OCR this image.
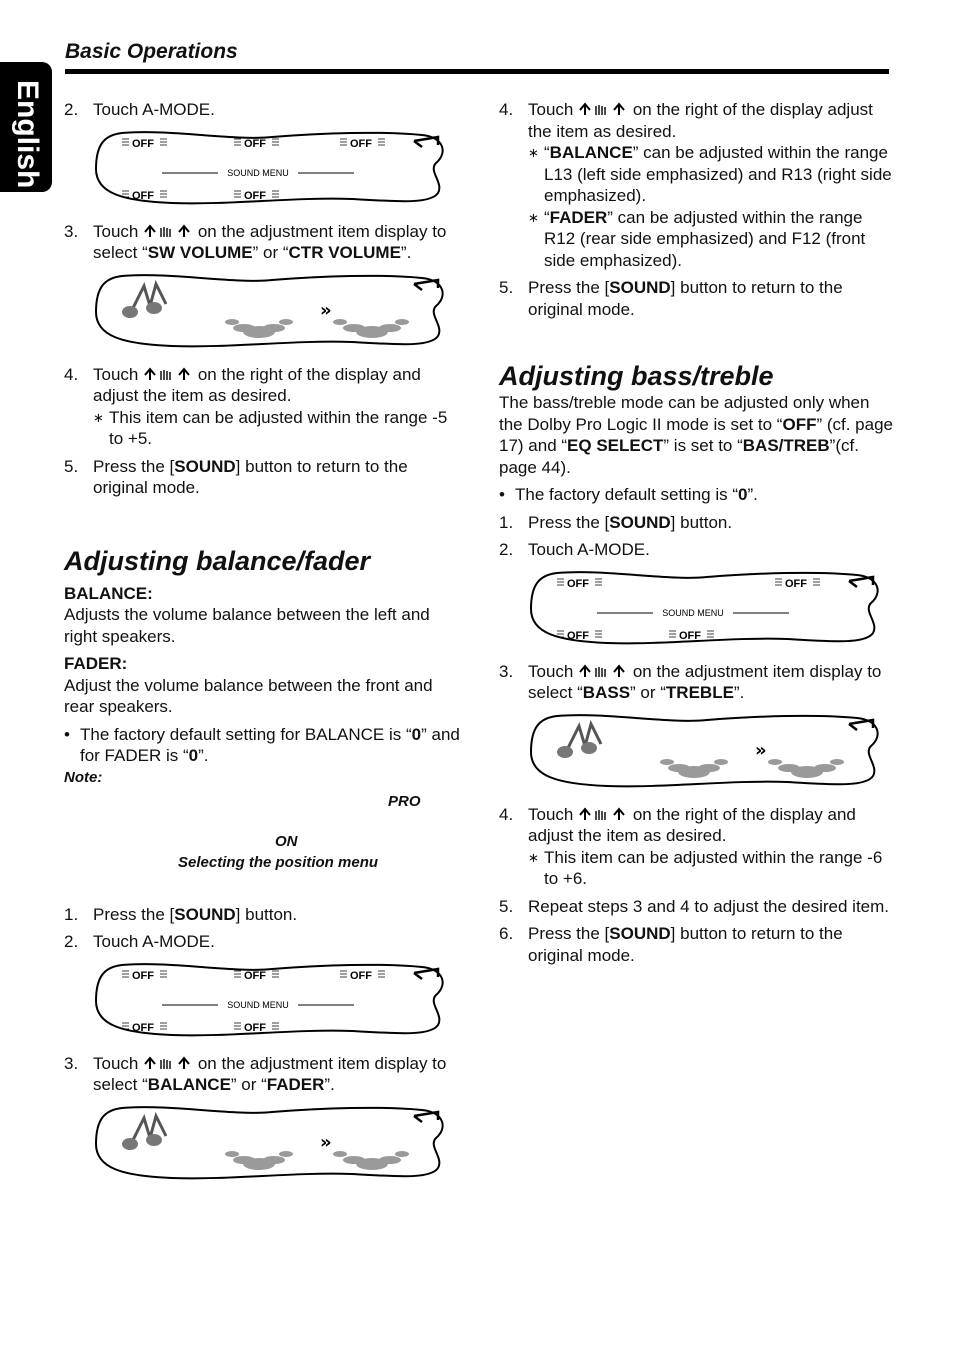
English
Basic Operations
2. Touch A-MODE.
OFF	OFF	OFF
OFF	OFF
SOUND MENU
3. Touch	on the adjustment item display to select “SW VOLUME” or “CTR VOLUME”.
»
4. Touch	on the right of the display and adjust the item as desired.
∗ This item can be adjusted within the range -5 to +5.
5. Press the [SOUND] button to return to the original mode.
Adjusting balance/fader
BALANCE:
Adjusts the volume balance between the left and right speakers.
FADER:
Adjust the volume balance between the front and rear speakers.
• The factory default setting for BALANCE is “0” and for FADER is “0”.
Note:
PRO
ON
Selecting the position menu
1. Press the [SOUND] button.
2. Touch A-MODE.
OFF	OFF	OFF
OFF	OFF
SOUND MENU
3. Touch	on the adjustment item display to select “BALANCE” or “FADER”.
»
4. Touch	on the right of the display adjust the item as desired.
∗ “BALANCE” can be adjusted within the range L13 (left side emphasized) and R13 (right side emphasized).
∗ “FADER” can be adjusted within the range R12 (rear side emphasized) and F12 (front side emphasized).
5. Press the [SOUND] button to return to the original mode.
Adjusting bass/treble
The bass/treble mode can be adjusted only when the Dolby Pro Logic II mode is set to “OFF” (cf. page 17) and “EQ SELECT” is set to “BAS/TREB”(cf. page 44).
• The factory default setting is “0”.
1. Press the [SOUND] button.
2. Touch A-MODE.
OFF	OFF
OFF	OFF
SOUND MENU
3. Touch	on the adjustment item display to select “BASS” or “TREBLE”.
»
4. Touch	on the right of the display and adjust the item as desired.
∗ This item can be adjusted within the range -6 to +6.
5. Repeat steps 3 and 4 to adjust the desired item.
6. Press the [SOUND] button to return to the original mode.
